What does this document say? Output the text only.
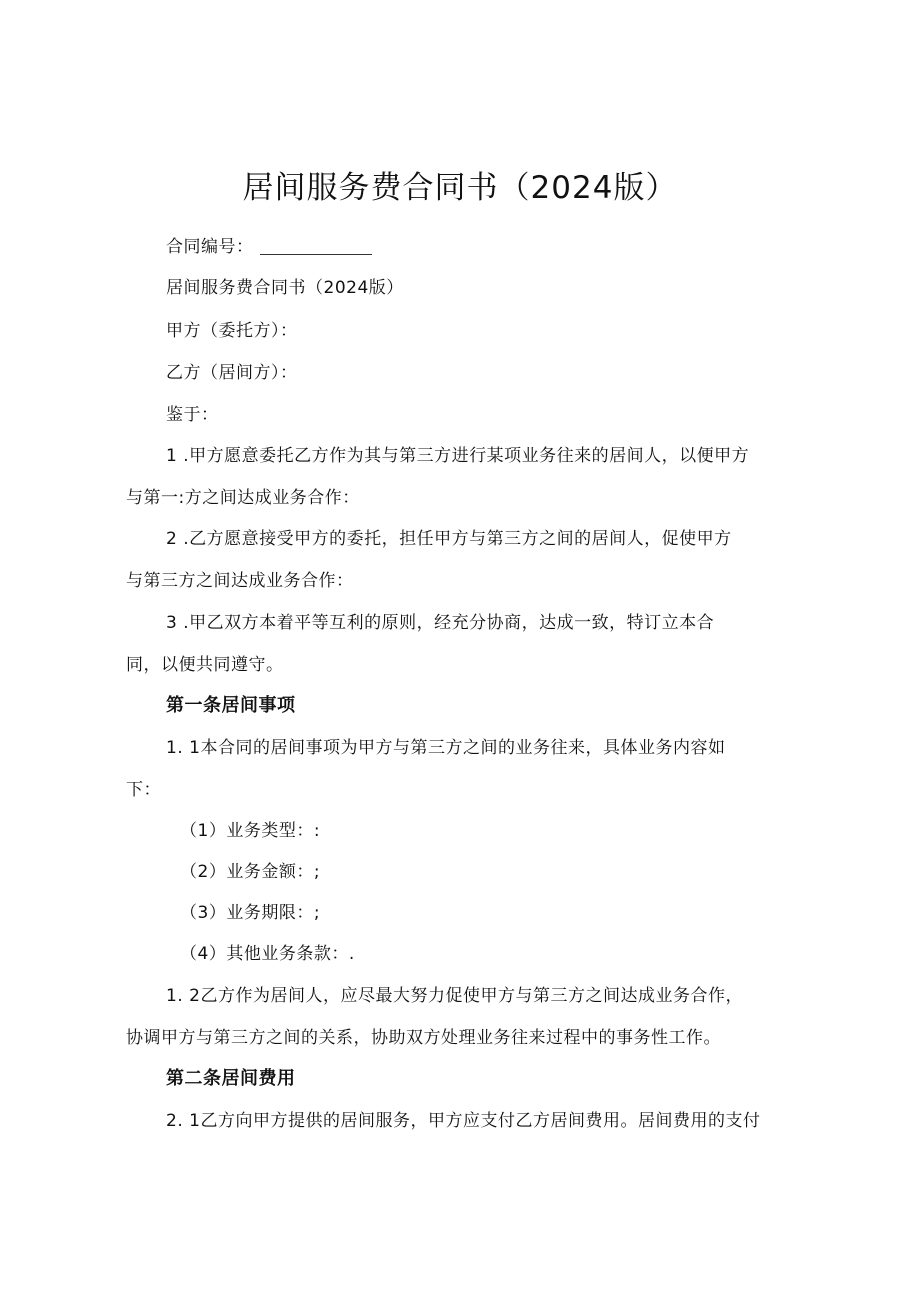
居间服务费合同书（2024版）
合同编号：
居间服务费合同书（2024版）
甲方（委托方）：
乙方（居间方）：
鉴于：
1 .甲方愿意委托乙方作为其与第三方进行某项业务往来的居间人，以便甲方
与第一:方之间达成业务合作：
2 .乙方愿意接受甲方的委托，担任甲方与第三方之间的居间人，促使甲方
与第三方之间达成业务合作：
3 .甲乙双方本着平等互利的原则，经充分协商，达成一致，特订立本合
同，以便共同遵守。
第一条居间事项
1. 1本合同的居间事项为甲方与第三方之间的业务往来，具体业务内容如
下：
（1）业务类型：:
（2）业务金额：;
（3）业务期限：;
（4）其他业务条款：.
1. 2乙方作为居间人，应尽最大努力促使甲方与第三方之间达成业务合作，
协调甲方与第三方之间的关系，协助双方处理业务往来过程中的事务性工作。
第二条居间费用
2. 1乙方向甲方提供的居间服务，甲方应支付乙方居间费用。居间费用的支付
